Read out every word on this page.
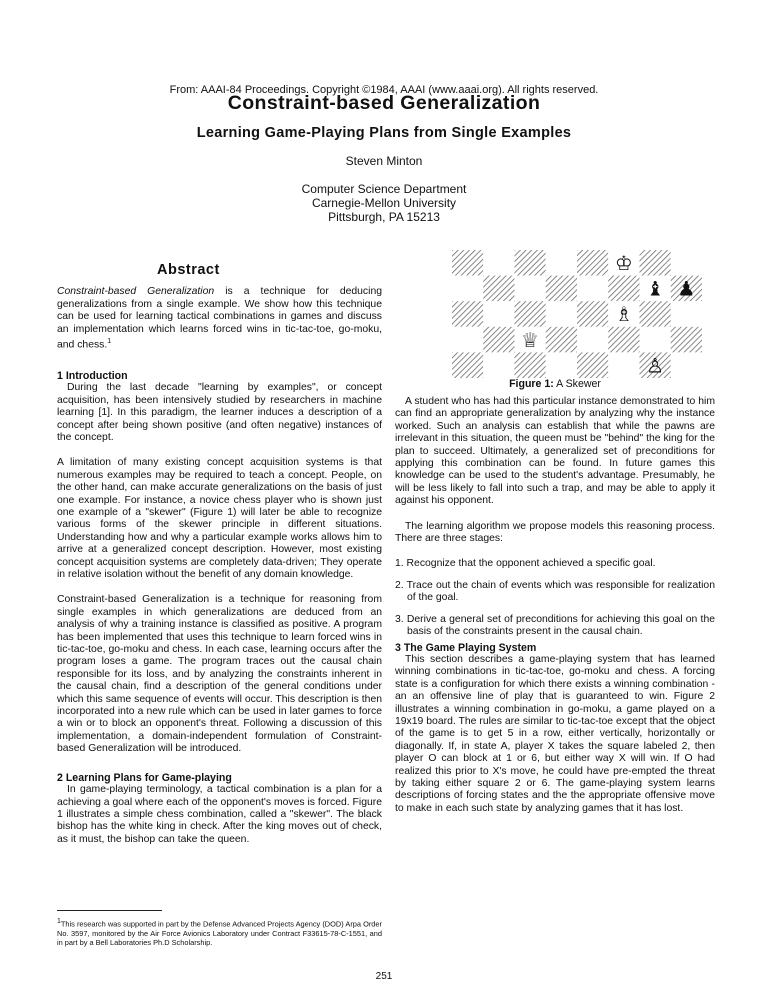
From: AAAI-84 Proceedings. Copyright ©1984, AAAI (www.aaai.org). All rights reserved.
Constraint-based Generalization
Learning Game-Playing Plans from Single Examples
Steven Minton
Computer Science Department
Carnegie-Mellon University
Pittsburgh, PA 15213
Abstract

Constraint-based Generalization is a technique for deducing generalizations from a single example. We show how this technique can be used for learning tactical combinations in games and discuss an implementation which learns forced wins in tic-tac-toe, go-moku, and chess.$^1$

1 Introduction

During the last decade "learning by examples", or concept acquisition, has been intensively studied by researchers in machine learning [1]. In this paradigm, the learner induces a description of a concept after being shown positive (and often negative) instances of the concept.

A limitation of many existing concept acquisition systems is that numerous examples may be required to teach a concept. People, on the other hand, can make accurate generalizations on the basis of just one example. For instance, a novice chess player who is shown just one example of a "skewer" (Figure 1) will later be able to recognize various forms of the skewer principle in different situations. Understanding how and why a particular example works allows him to arrive at a generalized concept description. However, most existing concept acquisition systems are completely data-driven; They operate in relative isolation without the benefit of any domain knowledge.

Constraint-based Generalization is a technique for reasoning from single examples in which generalizations are deduced from an analysis of why a training instance is classified as positive. A program has been implemented that uses this technique to learn forced wins in tic-tac-toe, go-moku and chess. In each case, learning occurs after the program loses a game. The program traces out the causal chain responsible for its loss, and by analyzing the constraints inherent in the causal chain, find a description of the general conditions under which this same sequence of events will occur. This description is then incorporated into a new rule which can be used in later games to force a win or to block an opponent's threat. Following a discussion of this implementation, a domain-independent formulation of Constraint-based Generalization will be introduced.

2 Learning Plans for Game-playing

In game-playing terminology, a tactical combination is a plan for a achieving a goal where each of the opponent's moves is forced. Figure 1 illustrates a simple chess combination, called a "skewer". The black bishop has the white king in check. After the king moves out of check, as it must, the bishop can take the queen.

$^1$This research was supported in part by the Defense Advanced Projects Agency (DOD) Arpa Order No. 3597, monitored by the Air Force Avionics Laboratory under Contract F33615-78-C-1551, and in part by a Bell Laboratories Ph.D Scholarship.
♔
♝ ♟
♕
♗
♙
Figure 1: A Skewer

A student who has had this particular instance demonstrated to him can find an appropriate generalization by analyzing why the instance worked. Such an analysis can establish that while the pawns are irrelevant in this situation, the queen must be "behind" the king for the plan to succeed. Ultimately, a generalized set of preconditions for applying this combination can be found. In future games this knowledge can be used to the student's advantage. Presumably, he will be less likely to fall into such a trap, and may be able to apply it against his opponent.

The learning algorithm we propose models this reasoning process. There are three stages:

1. Recognize that the opponent achieved a specific goal.
2. Trace out the chain of events which was responsible for realization of the goal.
3. Derive a general set of preconditions for achieving this goal on the basis of the constraints present in the causal chain.
3 The Game Playing System

This section describes a game-playing system that has learned winning combinations in tic-tac-toe, go-moku and chess. A forcing state is a configuration for which there exists a winning combination - an an offensive line of play that is guaranteed to win. Figure 2 illustrates a winning combination in go-moku, a game played on a 19x19 board. The rules are similar to tic-tac-toe except that the object of the game is to get 5 in a row, either vertically, horizontally or diagonally. If, in state A, player X takes the square labeled 2, then player O can block at 1 or 6, but either way X will win. If O had realized this prior to X's move, he could have pre-empted the threat by taking either square 2 or 6. The game-playing system learns descriptions of forcing states and the the appropriate offensive move to make in each such state by analyzing games that it has lost.

251
